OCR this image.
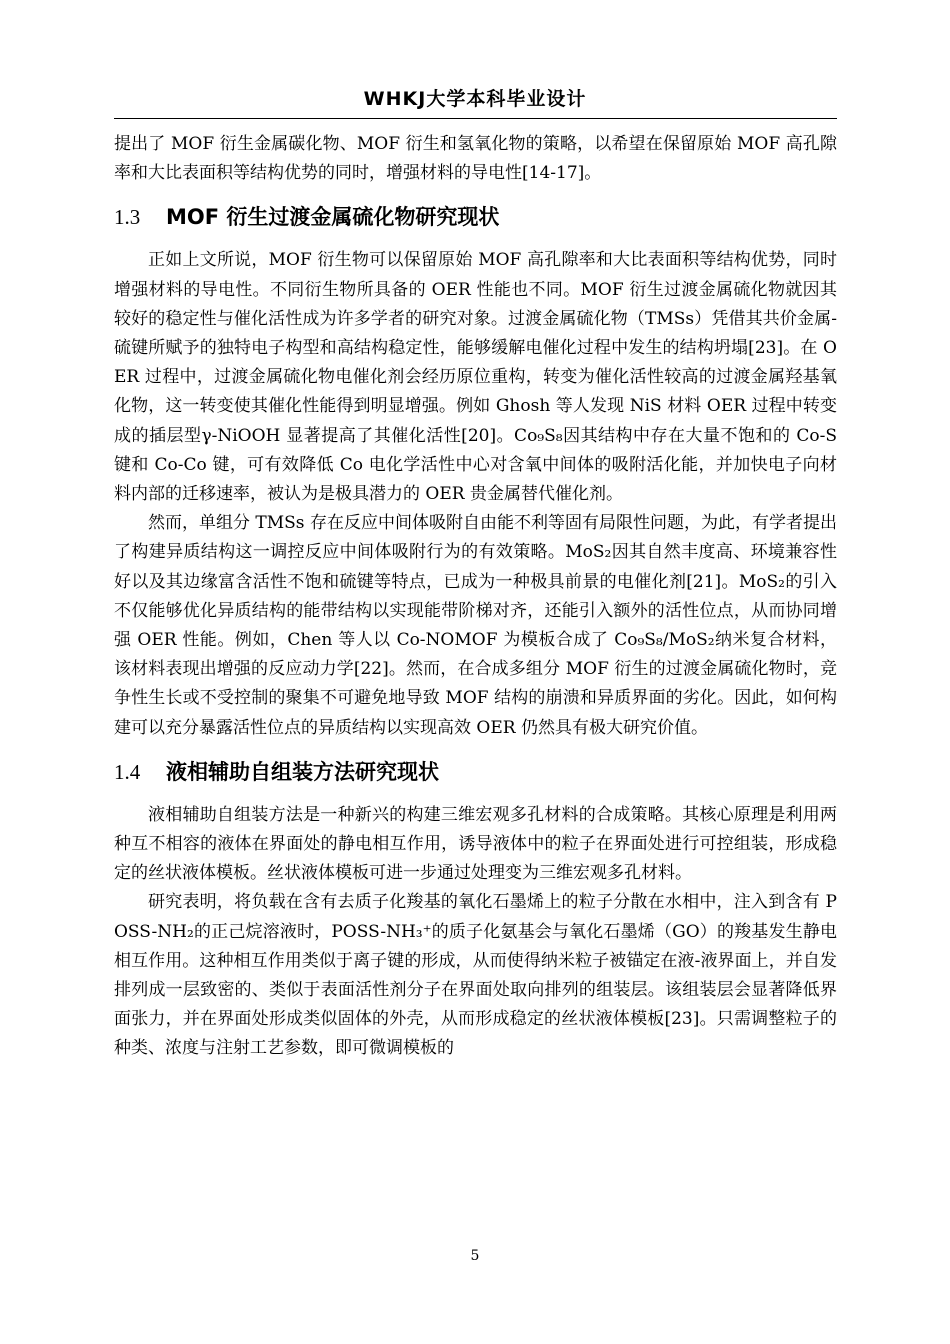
WHKJ大学本科毕业设计

提出了 MOF 衍生金属碳化物、MOF 衍生和氢氧化物的策略，以希望在保留原始 MOF 高孔隙率和大比表面积等结构优势的同时，增强材料的导电性[14-17]。

1.3 MOF 衍生过渡金属硫化物研究现状

正如上文所说，MOF 衍生物可以保留原始 MOF 高孔隙率和大比表面积等结构优势，同时增强材料的导电性。不同衍生物所具备的 OER 性能也不同。MOF 衍生过渡金属硫化物就因其较好的稳定性与催化活性成为许多学者的研究对象。过渡金属硫化物（TMSs）凭借其共价金属-硫键所赋予的独特电子构型和高结构稳定性，能够缓解电催化过程中发生的结构坍塌[23]。在 OER 过程中，过渡金属硫化物电催化剂会经历原位重构，转变为催化活性较高的过渡金属羟基氧化物，这一转变使其催化性能得到明显增强。例如 Ghosh 等人发现 NiS 材料 OER 过程中转变成的插层型γ-NiOOH 显著提高了其催化活性[20]。Co₉S₈因其结构中存在大量不饱和的 Co-S 键和 Co-Co 键，可有效降低 Co 电化学活性中心对含氧中间体的吸附活化能，并加快电子向材料内部的迁移速率，被认为是极具潜力的 OER 贵金属替代催化剂。

然而，单组分 TMSs 存在反应中间体吸附自由能不利等固有局限性问题，为此，有学者提出了构建异质结构这一调控反应中间体吸附行为的有效策略。MoS₂因其自然丰度高、环境兼容性好以及其边缘富含活性不饱和硫键等特点，已成为一种极具前景的电催化剂[21]。MoS₂的引入不仅能够优化异质结构的能带结构以实现能带阶梯对齐，还能引入额外的活性位点，从而协同增强 OER 性能。例如，Chen 等人以 Co-NOMOF 为模板合成了 Co₉S₈/MoS₂纳米复合材料，该材料表现出增强的反应动力学[22]。然而，在合成多组分 MOF 衍生的过渡金属硫化物时，竞争性生长或不受控制的聚集不可避免地导致 MOF 结构的崩溃和异质界面的劣化。因此，如何构建可以充分暴露活性位点的异质结构以实现高效 OER 仍然具有极大研究价值。

1.4 液相辅助自组装方法研究现状

液相辅助自组装方法是一种新兴的构建三维宏观多孔材料的合成策略。其核心原理是利用两种互不相容的液体在界面处的静电相互作用，诱导液体中的粒子在界面处进行可控组装，形成稳定的丝状液体模板。丝状液体模板可进一步通过处理变为三维宏观多孔材料。

研究表明，将负载在含有去质子化羧基的氧化石墨烯上的粒子分散在水相中，注入到含有 POSS-NH₂的正己烷溶液时，POSS-NH₃⁺的质子化氨基会与氧化石墨烯（GO）的羧基发生静电相互作用。这种相互作用类似于离子键的形成，从而使得纳米粒子被锚定在液-液界面上，并自发排列成一层致密的、类似于表面活性剂分子在界面处取向排列的组装层。该组装层会显著降低界面张力，并在界面处形成类似固体的外壳，从而形成稳定的丝状液体模板[23]。只需调整粒子的种类、浓度与注射工艺参数，即可微调模板的

5
